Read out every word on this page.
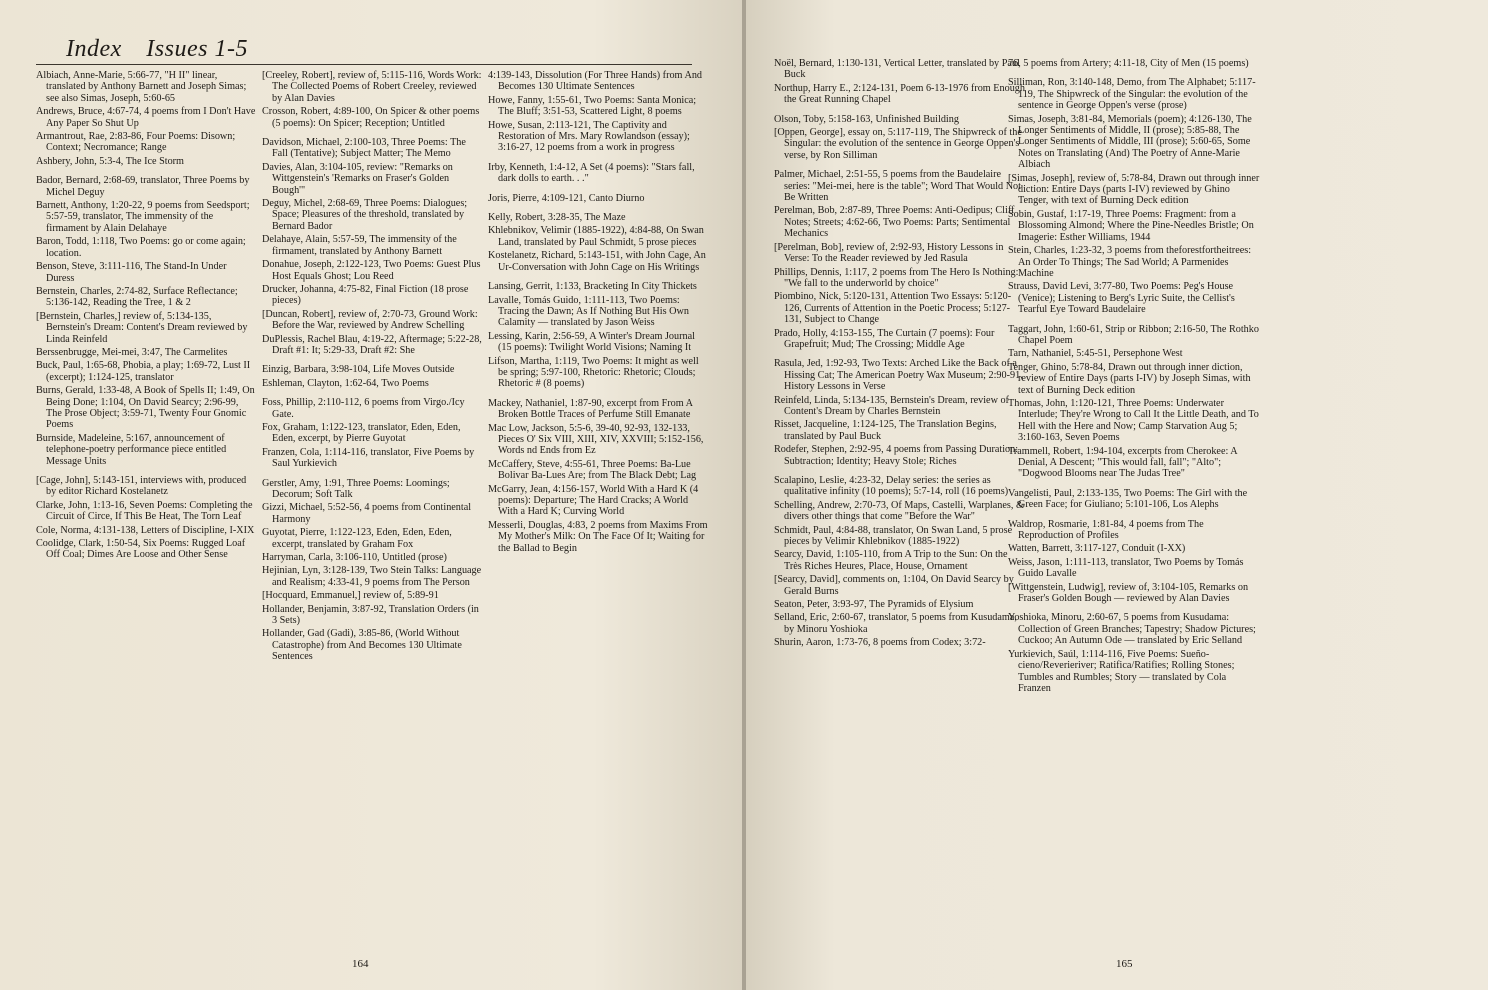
Index Issues 1-5

Albiach, Anne-Marie, 5:66-77, "H II" linear, translated by Anthony Barnett and Joseph Simas; see also Simas, Joseph, 5:60-65

Andrews, Bruce, 4:67-74, 4 poems from I Don't Have Any Paper So Shut Up

Armantrout, Rae, 2:83-86, Four Poems: Disown; Context; Necromance; Range

Ashbery, John, 5:3-4, The Ice Storm

Bador, Bernard, 2:68-69, translator, Three Poems by Michel Deguy

Barnett, Anthony, 1:20-22, 9 poems from Seedsport; 5:57-59, translator, The immensity of the firmament by Alain Delahaye

Baron, Todd, 1:118, Two Poems: go or come again; location.

Benson, Steve, 3:111-116, The Stand-In Under Duress

Bernstein, Charles, 2:74-82, Surface Reflectance; 5:136-142, Reading the Tree, 1 & 2

[Bernstein, Charles,] review of, 5:134-135, Bernstein's Dream: Content's Dream reviewed by Linda Reinfeld

Berssenbrugge, Mei-mei, 3:47, The Carmelites

Buck, Paul, 1:65-68, Phobia, a play; 1:69-72, Lust II (excerpt); 1:124-125, translator

Burns, Gerald, 1:33-48, A Book of Spells II; 1:49, On Being Done; 1:104, On David Searcy; 2:96-99, The Prose Object; 3:59-71, Twenty Four Gnomic Poems

Burnside, Madeleine, 5:167, announcement of telephone-poetry performance piece entitled Message Units

[Cage, John], 5:143-151, interviews with, produced by editor Richard Kostelanetz

Clarke, John, 1:13-16, Seven Poems: Completing the Circuit of Circe, If This Be Heat, The Torn Leaf

Cole, Norma, 4:131-138, Letters of Discipline, I-XIX

Coolidge, Clark, 1:50-54, Six Poems: Rugged Loaf Off Coal; Dimes Are Loose and Other Sense

[Creeley, Robert], review of, 5:115-116, Words Work: The Collected Poems of Robert Creeley, reviewed by Alan Davies

Crosson, Robert, 4:89-100, On Spicer & other poems (5 poems): On Spicer; Reception; Untitled

Davidson, Michael, 2:100-103, Three Poems: The Fall (Tentative); Subject Matter; The Memo

Davies, Alan, 3:104-105, review: "Remarks on Wittgenstein's 'Remarks on Fraser's Golden Bough'"

Deguy, Michel, 2:68-69, Three Poems: Dialogues; Space; Pleasures of the threshold, translated by Bernard Bador

Delahaye, Alain, 5:57-59, The immensity of the firmament, translated by Anthony Barnett

Donahue, Joseph, 2:122-123, Two Poems: Guest Plus Host Equals Ghost; Lou Reed

Drucker, Johanna, 4:75-82, Final Fiction (18 prose pieces)

[Duncan, Robert], review of, 2:70-73, Ground Work: Before the War, reviewed by Andrew Schelling

DuPlessis, Rachel Blau, 4:19-22, Aftermage; 5:22-28, Draft #1: It; 5:29-33, Draft #2: She

Einzig, Barbara, 3:98-104, Life Moves Outside

Eshleman, Clayton, 1:62-64, Two Poems

Foss, Phillip, 2:110-112, 6 poems from Virgo./Icy Gate.

Fox, Graham, 1:122-123, translator, Eden, Eden, Eden, excerpt, by Pierre Guyotat

Franzen, Cola, 1:114-116, translator, Five Poems by Saul Yurkievich

Gerstler, Amy, 1:91, Three Poems: Loomings; Decorum; Soft Talk

Gizzi, Michael, 5:52-56, 4 poems from Continental Harmony

Guyotat, Pierre, 1:122-123, Eden, Eden, Eden, excerpt, translated by Graham Fox

Harryman, Carla, 3:106-110, Untitled (prose)

Hejinian, Lyn, 3:128-139, Two Stein Talks: Language and Realism; 4:33-41, 9 poems from The Person

[Hocquard, Emmanuel,] review of, 5:89-91

Hollander, Benjamin, 3:87-92, Translation Orders (in 3 Sets)

Hollander, Gad (Gadi), 3:85-86, (World Without Catastrophe) from And Becomes 130 Ultimate Sentences

4:139-143, Dissolution (For Three Hands) from And Becomes 130 Ultimate Sentences

Howe, Fanny, 1:55-61, Two Poems: Santa Monica; The Bluff; 3:51-53, Scattered Light, 8 poems

Howe, Susan, 2:113-121, The Captivity and Restoration of Mrs. Mary Rowlandson (essay); 3:16-27, 12 poems from a work in progress

Irby, Kenneth, 1:4-12, A Set (4 poems): "Stars fall, dark dolls to earth. . ."

Joris, Pierre, 4:109-121, Canto Diurno

Kelly, Robert, 3:28-35, The Maze

Khlebnikov, Velimir (1885-1922), 4:84-88, On Swan Land, translated by Paul Schmidt, 5 prose pieces

Kostelanetz, Richard, 5:143-151, with John Cage, An Ur-Conversation with John Cage on His Writings

Lansing, Gerrit, 1:133, Bracketing In City Thickets

Lavalle, Tomás Guido, 1:111-113, Two Poems: Tracing the Dawn; As If Nothing But His Own Calamity — translated by Jason Weiss

Lessing, Karin, 2:56-59, A Winter's Dream Journal (15 poems): Twilight World Visions; Naming It

Lifson, Martha, 1:119, Two Poems: It might as well be spring; 5:97-100, Rhetoric: Rhetoric; Clouds; Rhetoric # (8 poems)

Mackey, Nathaniel, 1:87-90, excerpt from From A Broken Bottle Traces of Perfume Still Emanate

Mac Low, Jackson, 5:5-6, 39-40, 92-93, 132-133, Pieces O' Six VIII, XIII, XIV, XXVIII; 5:152-156, Words nd Ends from Ez

McCaffery, Steve, 4:55-61, Three Poems: Ba-Lue Bolivar Ba-Lues Are; from The Black Debt; Lag

McGarry, Jean, 4:156-157, World With a Hard K (4 poems): Departure; The Hard Cracks; A World With a Hard K; Curving World

Messerli, Douglas, 4:83, 2 poems from Maxims From My Mother's Milk: On The Face Of It; Waiting for the Ballad to Begin

164

Noël, Bernard, 1:130-131, Vertical Letter, translated by Paul Buck

Northup, Harry E., 2:124-131, Poem 6-13-1976 from Enough the Great Running Chapel

Olson, Toby, 5:158-163, Unfinished Building

[Oppen, George], essay on, 5:117-119, The Shipwreck of the Singular: the evolution of the sentence in George Oppen's verse, by Ron Silliman

Palmer, Michael, 2:51-55, 5 poems from the Baudelaire series: "Mei-mei, here is the table"; Word That Would Not Be Written

Perelman, Bob, 2:87-89, Three Poems: Anti-Oedipus; Cliff Notes; Streets; 4:62-66, Two Poems: Parts; Sentimental Mechanics

[Perelman, Bob], review of, 2:92-93, History Lessons in Verse: To the Reader reviewed by Jed Rasula

Phillips, Dennis, 1:117, 2 poems from The Hero Is Nothing: "We fall to the underworld by choice"

Piombino, Nick, 5:120-131, Attention Two Essays: 5:120-126, Currents of Attention in the Poetic Process; 5:127-131, Subject to Change

Prado, Holly, 4:153-155, The Curtain (7 poems): Four Grapefruit; Mud; The Crossing; Middle Age

Rasula, Jed, 1:92-93, Two Texts: Arched Like the Back of a Hissing Cat; The American Poetry Wax Museum; 2:90-91, History Lessons in Verse

Reinfeld, Linda, 5:134-135, Bernstein's Dream, review of Content's Dream by Charles Bernstein

Risset, Jacqueline, 1:124-125, The Translation Begins, translated by Paul Buck

Rodefer, Stephen, 2:92-95, 4 poems from Passing Duration: Subtraction; Identity; Heavy Stole; Riches

Scalapino, Leslie, 4:23-32, Delay series: the series as qualitative infinity (10 poems); 5:7-14, roll (16 poems)

Schelling, Andrew, 2:70-73, Of Maps, Castelli, Warplanes, & divers other things that come "Before the War"

Schmidt, Paul, 4:84-88, translator, On Swan Land, 5 prose pieces by Velimir Khlebnikov (1885-1922)

Searcy, David, 1:105-110, from A Trip to the Sun: On the Très Riches Heures, Place, House, Ornament

[Searcy, David], comments on, 1:104, On David Searcy by Gerald Burns

Seaton, Peter, 3:93-97, The Pyramids of Elysium

Selland, Eric, 2:60-67, translator, 5 poems from Kusudama, by Minoru Yoshioka

Shurin, Aaron, 1:73-76, 8 poems from Codex; 3:72-

76, 5 poems from Artery; 4:11-18, City of Men (15 poems)

Silliman, Ron, 3:140-148, Demo, from The Alphabet; 5:117-119, The Shipwreck of the Singular: the evolution of the sentence in George Oppen's verse (prose)

Simas, Joseph, 3:81-84, Memorials (poem); 4:126-130, The Longer Sentiments of Middle, II (prose); 5:85-88, The Longer Sentiments of Middle, III (prose); 5:60-65, Some Notes on Translating (And) The Poetry of Anne-Marie Albiach

[Simas, Joseph], review of, 5:78-84, Drawn out through inner diction: Entire Days (parts I-IV) reviewed by Ghino Tenger, with text of Burning Deck edition

Sobin, Gustaf, 1:17-19, Three Poems: Fragment: from a Blossoming Almond; Where the Pine-Needles Bristle; On Imagerie: Esther Williams, 1944

Stein, Charles, 1:23-32, 3 poems from theforestfortheitrees: An Order To Things; The Sad World; A Parmenides Machine

Strauss, David Levi, 3:77-80, Two Poems: Peg's House (Venice); Listening to Berg's Lyric Suite, the Cellist's Tearful Eye Toward Baudelaire

Taggart, John, 1:60-61, Strip or Ribbon; 2:16-50, The Rothko Chapel Poem

Tarn, Nathaniel, 5:45-51, Persephone West

Tenger, Ghino, 5:78-84, Drawn out through inner diction, review of Entire Days (parts I-IV) by Joseph Simas, with text of Burning Deck edition

Thomas, John, 1:120-121, Three Poems: Underwater Interlude; They're Wrong to Call It the Little Death, and To Hell with the Here and Now; Camp Starvation Aug 5; 3:160-163, Seven Poems

Trammell, Robert, 1:94-104, excerpts from Cherokee: A Denial, A Descent; "This would fall, fall"; "Alto"; "Dogwood Blooms near The Judas Tree"

Vangelisti, Paul, 2:133-135, Two Poems: The Girl with the Green Face; for Giuliano; 5:101-106, Los Alephs

Waldrop, Rosmarie, 1:81-84, 4 poems from The Reproduction of Profiles

Watten, Barrett, 3:117-127, Conduit (I-XX)

Weiss, Jason, 1:111-113, translator, Two Poems by Tomás Guido Lavalle

[Wittgenstein, Ludwig], review of, 3:104-105, Remarks on Fraser's Golden Bough — reviewed by Alan Davies

Yoshioka, Minoru, 2:60-67, 5 poems from Kusudama: Collection of Green Branches; Tapestry; Shadow Pictures; Cuckoo; An Autumn Ode — translated by Eric Selland

Yurkievich, Saúl, 1:114-116, Five Poems: Sueño-cieno/Reverieriver; Ratifica/Ratifies; Rolling Stones; Tumbles and Rumbles; Story — translated by Cola Franzen

165
